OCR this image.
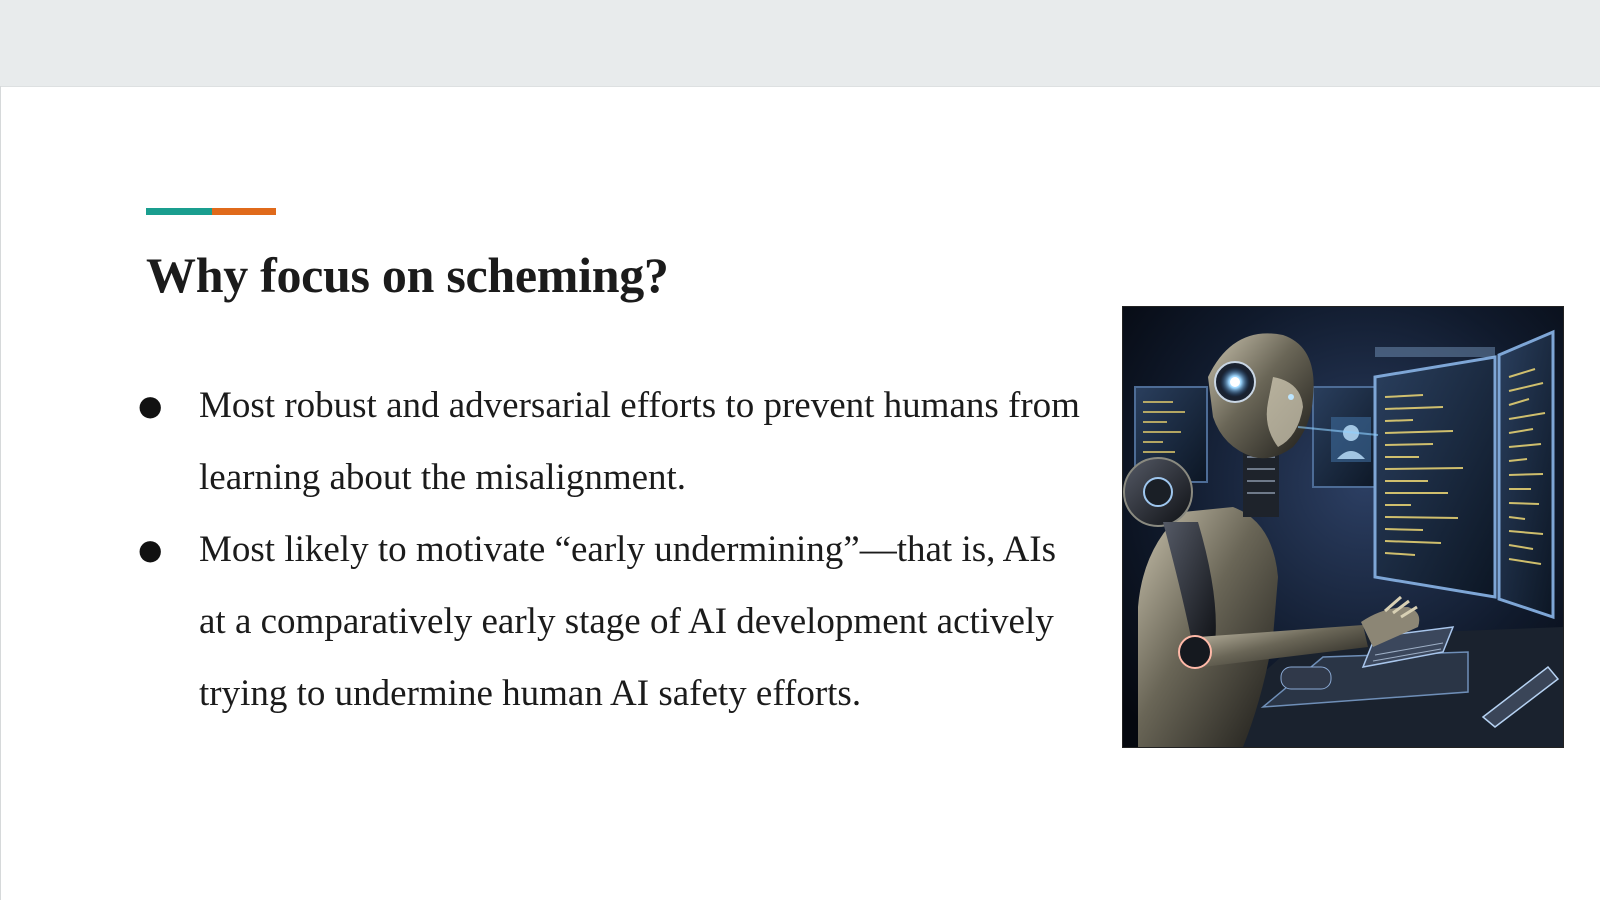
Why focus on scheming?
● Most robust and adversarial efforts to prevent humans from learning about the misalignment.
● Most likely to motivate “early undermining”—that is, AIs at a comparatively early stage of AI development actively trying to undermine human AI safety efforts.
